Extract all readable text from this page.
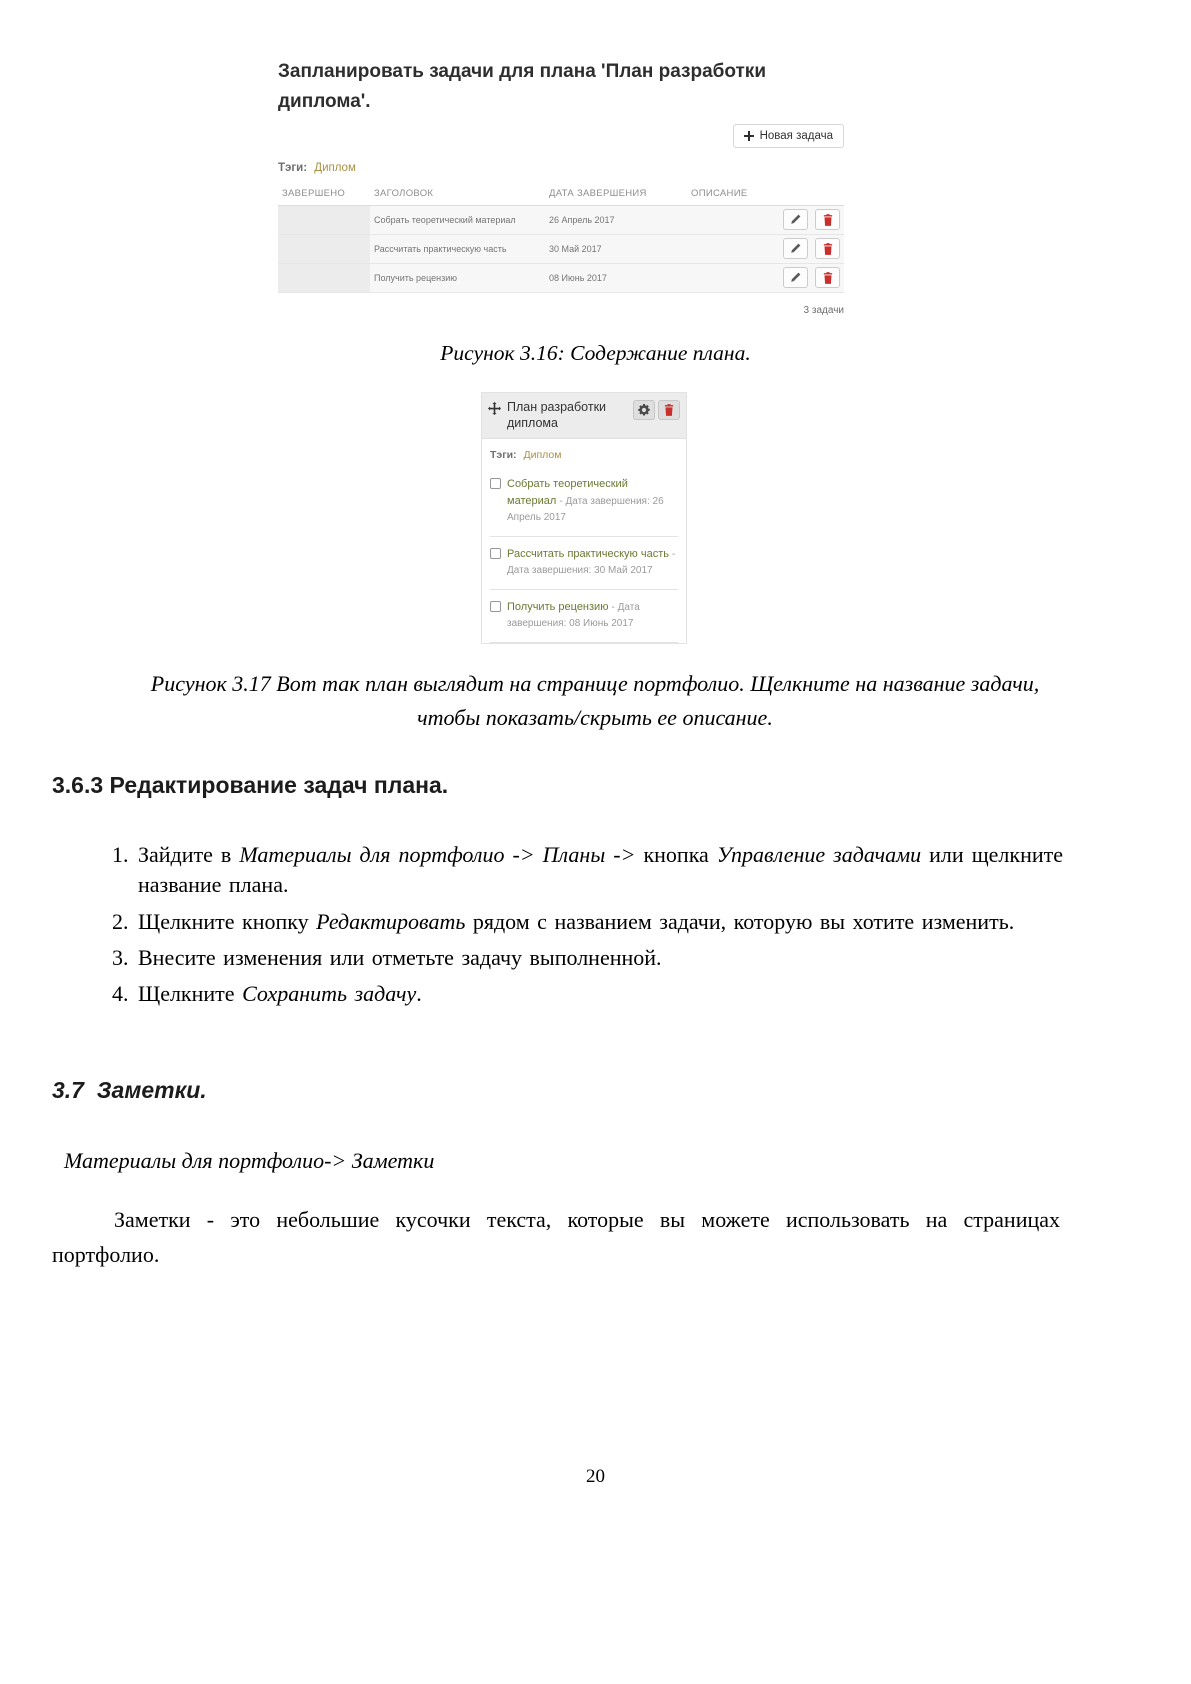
Запланировать задачи для плана 'План разработки диплома'.
Новая задача
Тэги: Диплом
ЗАВЕРШЕНО	ЗАГОЛОВОК	ДАТА ЗАВЕРШЕНИЯ	ОПИСАНИЕ	
	Собрать теоретический материал	26 Апрель 2017		

	Рассчитать практическую часть	30 Май 2017		

	Получить рецензию	08 Июнь 2017		

3 задачи

Рисунок 3.16: Содержание плана.

План разработки диплома
Тэги: Диплом
Собрать теоретический материал - Дата завершения: 26 Апрель 2017
Рассчитать практическую часть - Дата завершения: 30 Май 2017
Получить рецензию - Дата завершения: 08 Июнь 2017

Рисунок 3.17 Вот так план выглядит на странице портфолио. Щелкните на название задачи, чтобы показать/скрыть ее описание.

3.6.3 Редактирование задач плана.
1. Зайдите в Материалы для портфолио -> Планы -> кнопка Управление задачами или щелкните название плана.
2. Щелкните кнопку Редактировать рядом с названием задачи, которую вы хотите изменить.
3. Внесите изменения или отметьте задачу выполненной.
4. Щелкните Сохранить задачу.
3.7  Заметки.

Материалы для портфолио-> Заметки

Заметки - это небольшие кусочки текста, которые вы можете использовать на страницах портфолио.

20
